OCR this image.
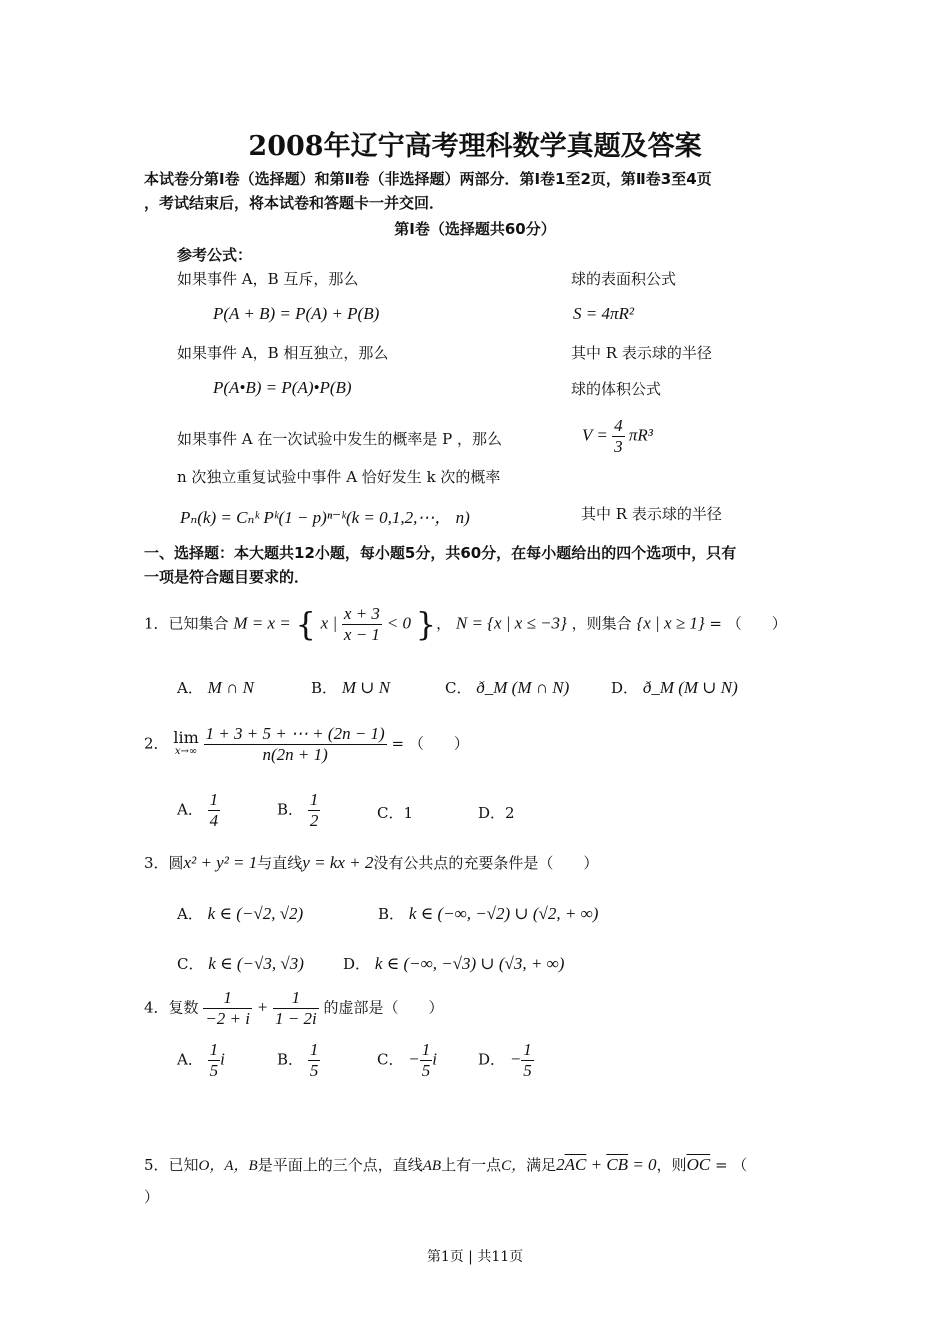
2008年辽宁高考理科数学真题及答案
本试卷分第Ⅰ卷（选择题）和第Ⅱ卷（非选择题）两部分．第Ⅰ卷1至2页，第Ⅱ卷3至4页
，考试结束后，将本试卷和答题卡一并交回．
第Ⅰ卷（选择题共60分）
参考公式：
如果事件 A，B 互斥，那么
P(A + B) = P(A) + P(B)
如果事件 A，B 相互独立，那么
P(A•B) = P(A)•P(B)
如果事件 A 在一次试验中发生的概率是 P ，那么
n 次独立重复试验中事件 A 恰好发生 k 次的概率
Pₙ(k) = Cₙᵏ Pᵏ(1 − p)ⁿ⁻ᵏ(k = 0,1,2,⋯， n)
球的表面积公式
S = 4πR²
其中 R 表示球的半径
球的体积公式
$V = \frac{4}{3} \pi R^3$
其中 R 表示球的半径
一、选择题：本大题共12小题，每小题5分，共60分，在每小题给出的四个选项中，只有
一项是符合题目要求的．
1．已知集合 M = x = { x | $\frac{x + 3}{x - 1} < 0$ }， N = {x | x ≤ −3} ，则集合 {x | x ≥ 1} = （　　）
A． M ∩ N	B． M ∪ N	C． ð_M (M ∩ N)	D． ð_M (M ∪ N)
2． lim
x→∞
$\frac{1 + 3 + 5 + \cdots + (2n - 1)}{n(2n + 1)}$ = （　　）
A． $\frac{1}{4}$	B． $\frac{1}{2}$	C．1	D．2
3．圆x² + y² = 1与直线y = kx + 2没有公共点的充要条件是（　　）
A． k ∈ (−√2, √2)	B． k ∈ (−∞, −√2) ∪ (√2, + ∞)
C． k ∈ (−√3, √3)	D． k ∈ (−∞, −√3) ∪ (√3, + ∞)
4．复数 $\frac{1}{-2 + i} + \frac{1}{1 - 2i}$ 的虚部是（　　）
A． $\frac{1}{5}$ i	B． $\frac{1}{5}$	C． − $\frac{1}{5}$ i	D． − $\frac{1}{5}$
5．已知O，A，B是平面上的三个点，直线AB上有一点C，满足$2\overline{AC} + \overline{CB} = 0$，则$\overline{OC}$ = （
）
第1页 | 共11页
